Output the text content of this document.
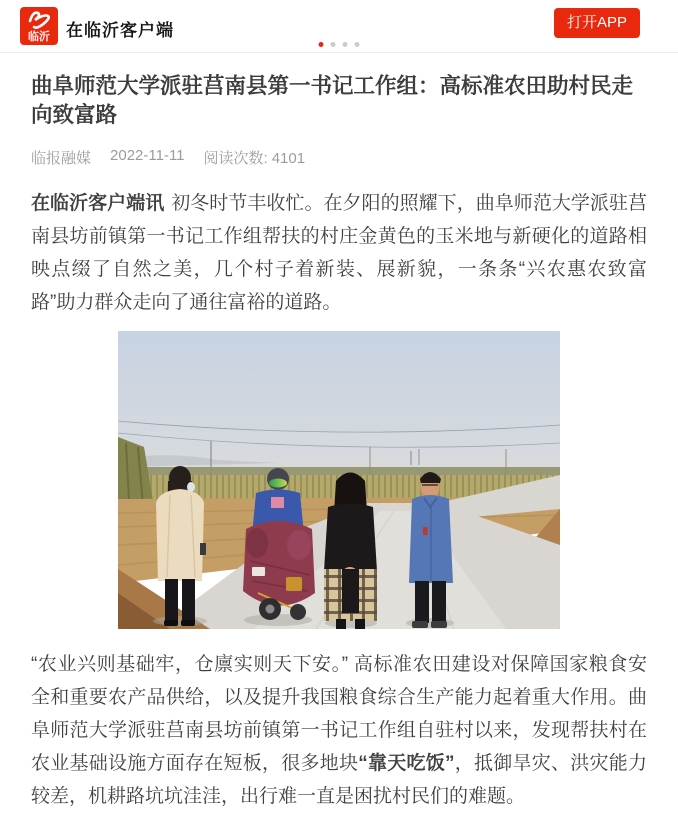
临沂 在临沂客户端	打开APP
曲阜师范大学派驻莒南县第一书记工作组：高标准农田助村民走向致富路
临报融媒 2022-11-11 阅读次数: 4101

在临沂客户端讯 初冬时节丰收忙。在夕阳的照耀下，曲阜师范大学派驻莒南县坊前镇第一书记工作组帮扶的村庄金黄色的玉米地与新硬化的道路相映点缀了自然之美，几个村子着新装、展新貌，一条条“兴农惠农致富路”助力群众走向了通往富裕的道路。

“农业兴则基础牢，仓廪实则天下安。” 高标准农田建设对保障国家粮食安全和重要农产品供给，以及提升我国粮食综合生产能力起着重大作用。曲阜师范大学派驻莒南县坊前镇第一书记工作组自驻村以来，发现帮扶村在农业基础设施方面存在短板，很多地块“靠天吃饭”，抵御旱灾、洪灾能力较差，机耕路坑坑洼洼，出行难一直是困扰村民们的难题。
